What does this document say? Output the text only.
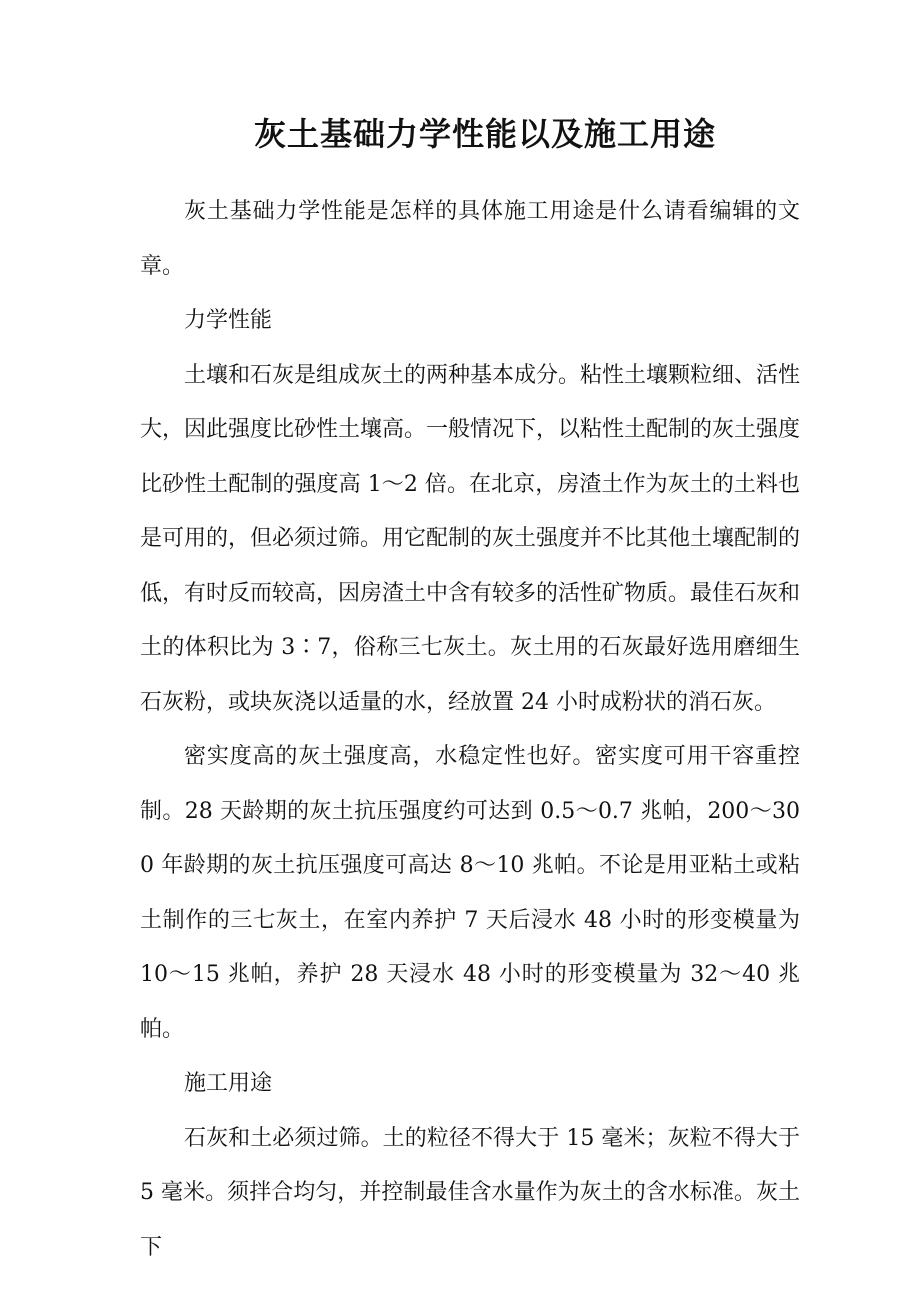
灰土基础力学性能以及施工用途

灰土基础力学性能是怎样的具体施工用途是什么请看编辑的文章。

力学性能

土壤和石灰是组成灰土的两种基本成分。粘性土壤颗粒细、活性大，因此强度比砂性土壤高。一般情况下，以粘性土配制的灰土强度比砂性土配制的强度高 1～2 倍。在北京，房渣土作为灰土的土料也是可用的，但必须过筛。用它配制的灰土强度并不比其他土壤配制的低，有时反而较高，因房渣土中含有较多的活性矿物质。最佳石灰和土的体积比为 3∶7，俗称三七灰土。灰土用的石灰最好选用磨细生石灰粉，或块灰浇以适量的水，经放置 24 小时成粉状的消石灰。

密实度高的灰土强度高，水稳定性也好。密实度可用干容重控制。28 天龄期的灰土抗压强度约可达到 0.5～0.7 兆帕，200～300 年龄期的灰土抗压强度可高达 8～10 兆帕。不论是用亚粘土或粘土制作的三七灰土，在室内养护 7 天后浸水 48 小时的形变模量为 10～15 兆帕，养护 28 天浸水 48 小时的形变模量为 32～40 兆帕。

施工用途

石灰和土必须过筛。土的粒径不得大于 15 毫米；灰粒不得大于 5 毫米。须拌合均匀，并控制最佳含水量作为灰土的含水标准。灰土下
